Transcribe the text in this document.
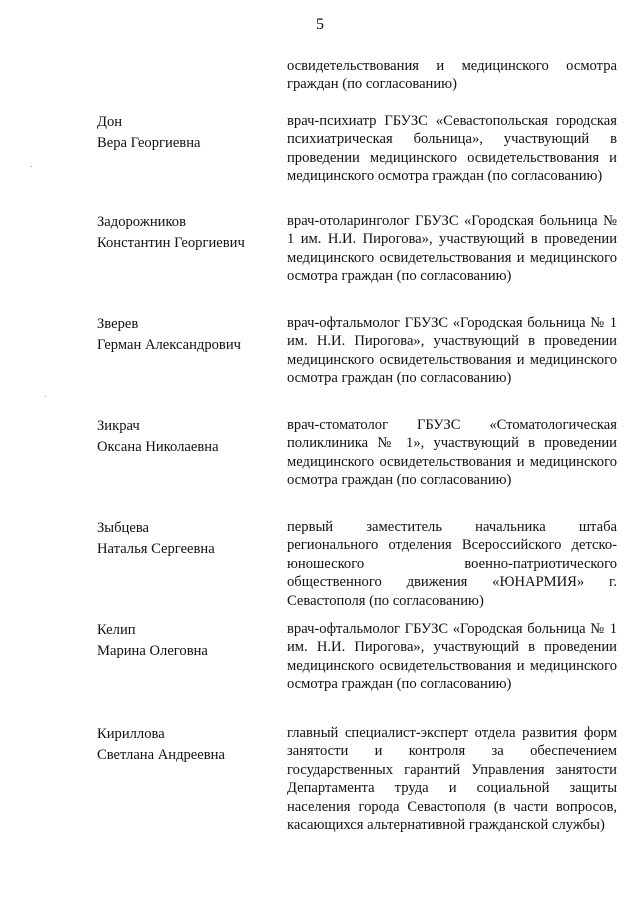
5
освидетельствования и медицинского осмотра граждан (по согласованию)
.
.
Дон
Вера Георгиевна
врач-психиатр ГБУЗС «Севастопольская городская психиатрическая больница», участвующий в проведении медицинского освидетельствования и медицинского осмотра граждан (по согласованию)
Задорожников
Константин Георгиевич
врач-отоларинголог ГБУЗС «Городская больница № 1 им. Н.И. Пирогова», участвующий в проведении медицинского освидетельствования и медицинского осмотра граждан (по согласованию)
Зверев
Герман Александрович
врач-офтальмолог ГБУЗС «Городская больница № 1 им. Н.И. Пирогова», участвующий в проведении медицинского освидетельствования и медицинского осмотра граждан (по согласованию)
Зикрач
Оксана Николаевна
врач-стоматолог ГБУЗС «Стоматологическая поликлиника № 1», участвующий в проведении медицинского освидетельствования и медицинского осмотра граждан (по согласованию)
Зыбцева
Наталья Сергеевна
первый заместитель начальника штаба регионального отделения Всероссийского детско-юношеского военно-патриотического общественного движения «ЮНАРМИЯ» г. Севастополя (по согласованию)
Келип
Марина Олеговна
врач-офтальмолог ГБУЗС «Городская больница № 1 им. Н.И. Пирогова», участвующий в проведении медицинского освидетельствования и медицинского осмотра граждан (по согласованию)
Кириллова
Светлана Андреевна
главный специалист-эксперт отдела развития форм занятости и контроля за обеспечением государственных гарантий Управления занятости Департамента труда и социальной защиты населения города Севастополя (в части вопросов, касающихся альтернативной гражданской службы)
